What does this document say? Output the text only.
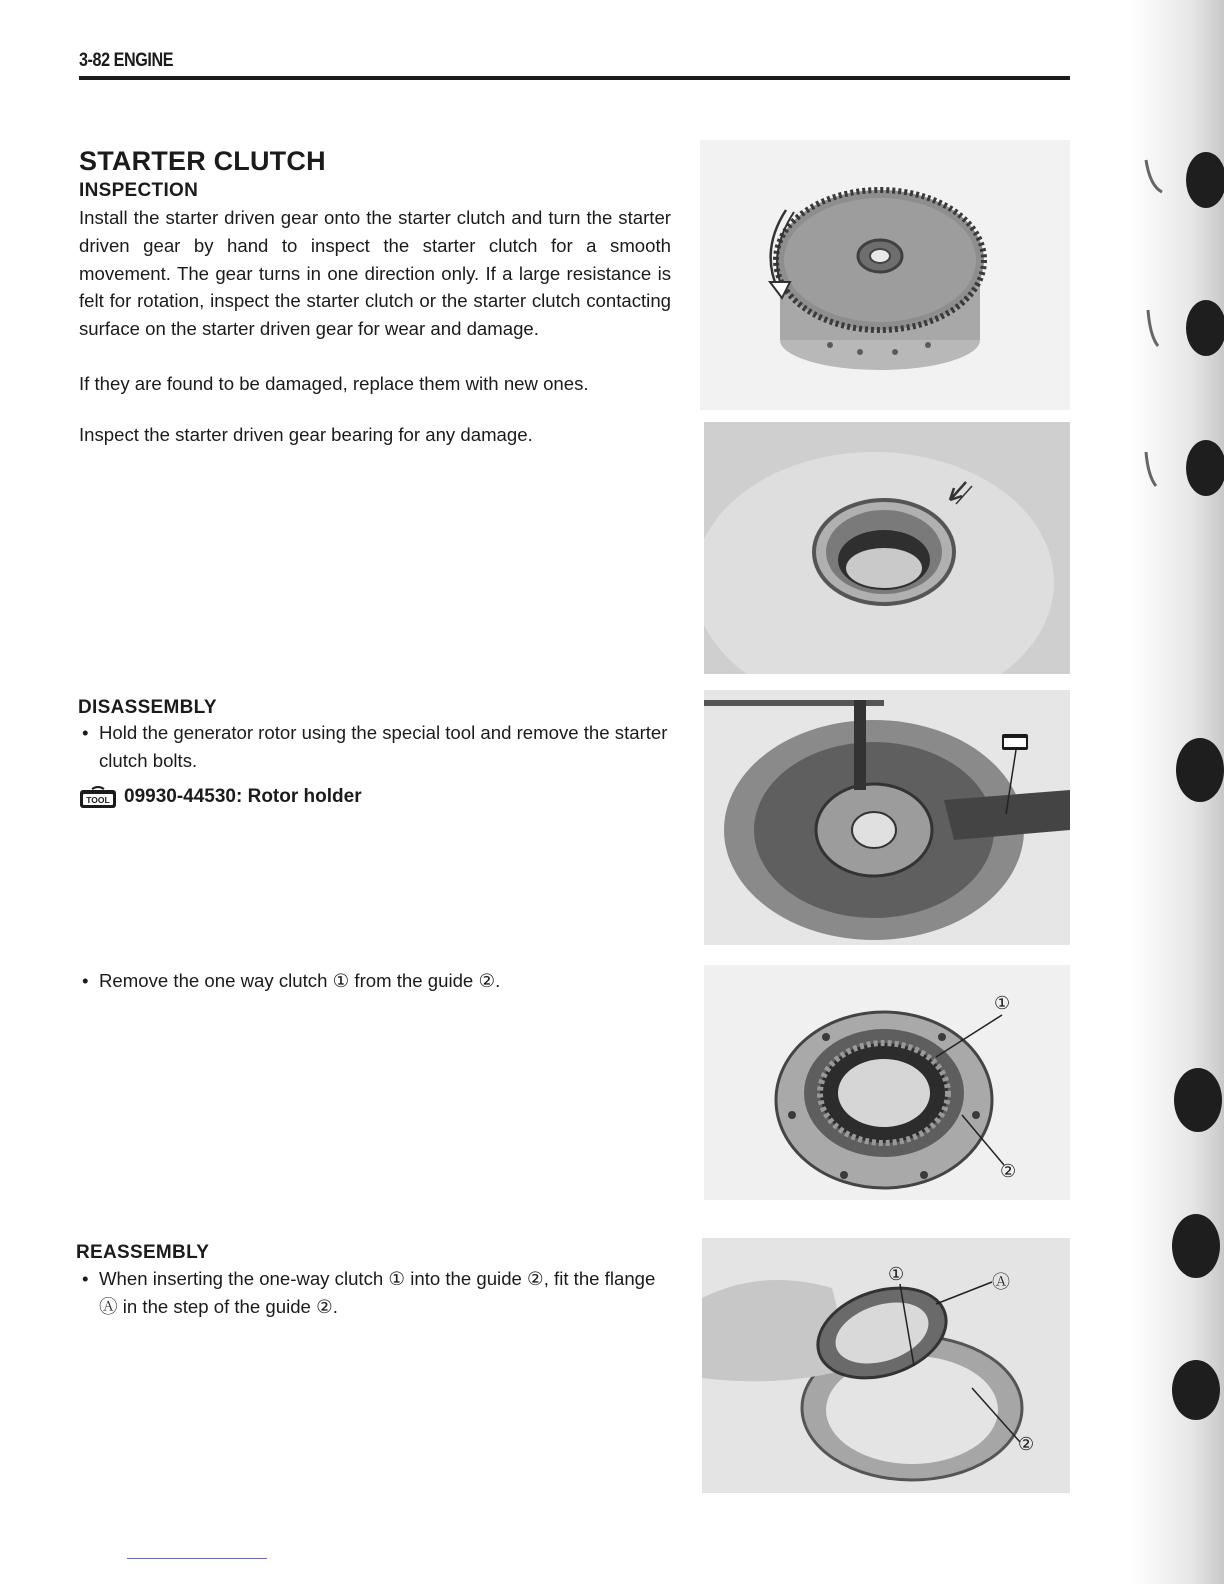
3-82 ENGINE
STARTER CLUTCH
INSPECTION

Install the starter driven gear onto the starter clutch and turn the starter driven gear by hand to inspect the starter clutch for a smooth movement. The gear turns in one direction only. If a large resistance is felt for rotation, inspect the starter clutch or the starter clutch contacting surface on the starter driven gear for wear and damage.

If they are found to be damaged, replace them with new ones.

Inspect the starter driven gear bearing for any damage.

DISASSEMBLY
• Hold the generator rotor using the special tool and remove the starter clutch bolts.
TOOL 09930-44530: Rotor holder
• Remove the one way clutch ① from the guide ②.
REASSEMBLY
• When inserting the one-way clutch ① into the guide ②, fit the flange Ⓐ in the step of the guide ②.
①
②
①	Ⓐ
②
